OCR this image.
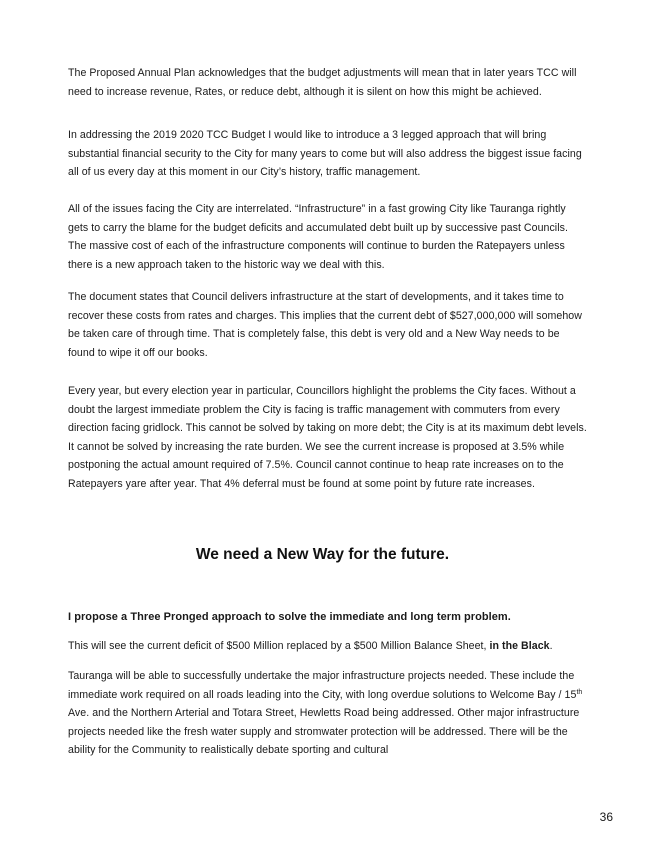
The Proposed Annual Plan acknowledges that the budget adjustments will mean that in later years TCC will need to increase revenue, Rates, or reduce debt, although it is silent on how this might be achieved.

In addressing the 2019 2020 TCC Budget I would like to introduce a 3 legged approach that will bring substantial financial security to the City for many years to come but will also address the biggest issue facing all of us every day at this moment in our City’s history, traffic management.

All of the issues facing the City are interrelated. “Infrastructure” in a fast growing City like Tauranga rightly gets to carry the blame for the budget deficits and accumulated debt built up by successive past Councils. The massive cost of each of the infrastructure components will continue to burden the Ratepayers unless there is a new approach taken to the historic way we deal with this.

The document states that Council delivers infrastructure at the start of developments, and it takes time to recover these costs from rates and charges. This implies that the current debt of $527,000,000 will somehow be taken care of through time. That is completely false, this debt is very old and a New Way needs to be found to wipe it off our books.

Every year, but every election year in particular, Councillors highlight the problems the City faces. Without a doubt the largest immediate problem the City is facing is traffic management with commuters from every direction facing gridlock. This cannot be solved by taking on more debt; the City is at its maximum debt levels. It cannot be solved by increasing the rate burden. We see the current increase is proposed at 3.5% while postponing the actual amount required of 7.5%. Council cannot continue to heap rate increases on to the Ratepayers yare after year. That 4% deferral must be found at some point by future rate increases.

We need a New Way for the future.

I propose a Three Pronged approach to solve the immediate and long term problem.

This will see the current deficit of $500 Million replaced by a $500 Million Balance Sheet, in the Black.

Tauranga will be able to successfully undertake the major infrastructure projects needed. These include the immediate work required on all roads leading into the City, with long overdue solutions to Welcome Bay / 15th Ave. and the Northern Arterial and Totara Street, Hewletts Road being addressed. Other major infrastructure projects needed like the fresh water supply and stromwater protection will be addressed. There will be the ability for the Community to realistically debate sporting and cultural

36
